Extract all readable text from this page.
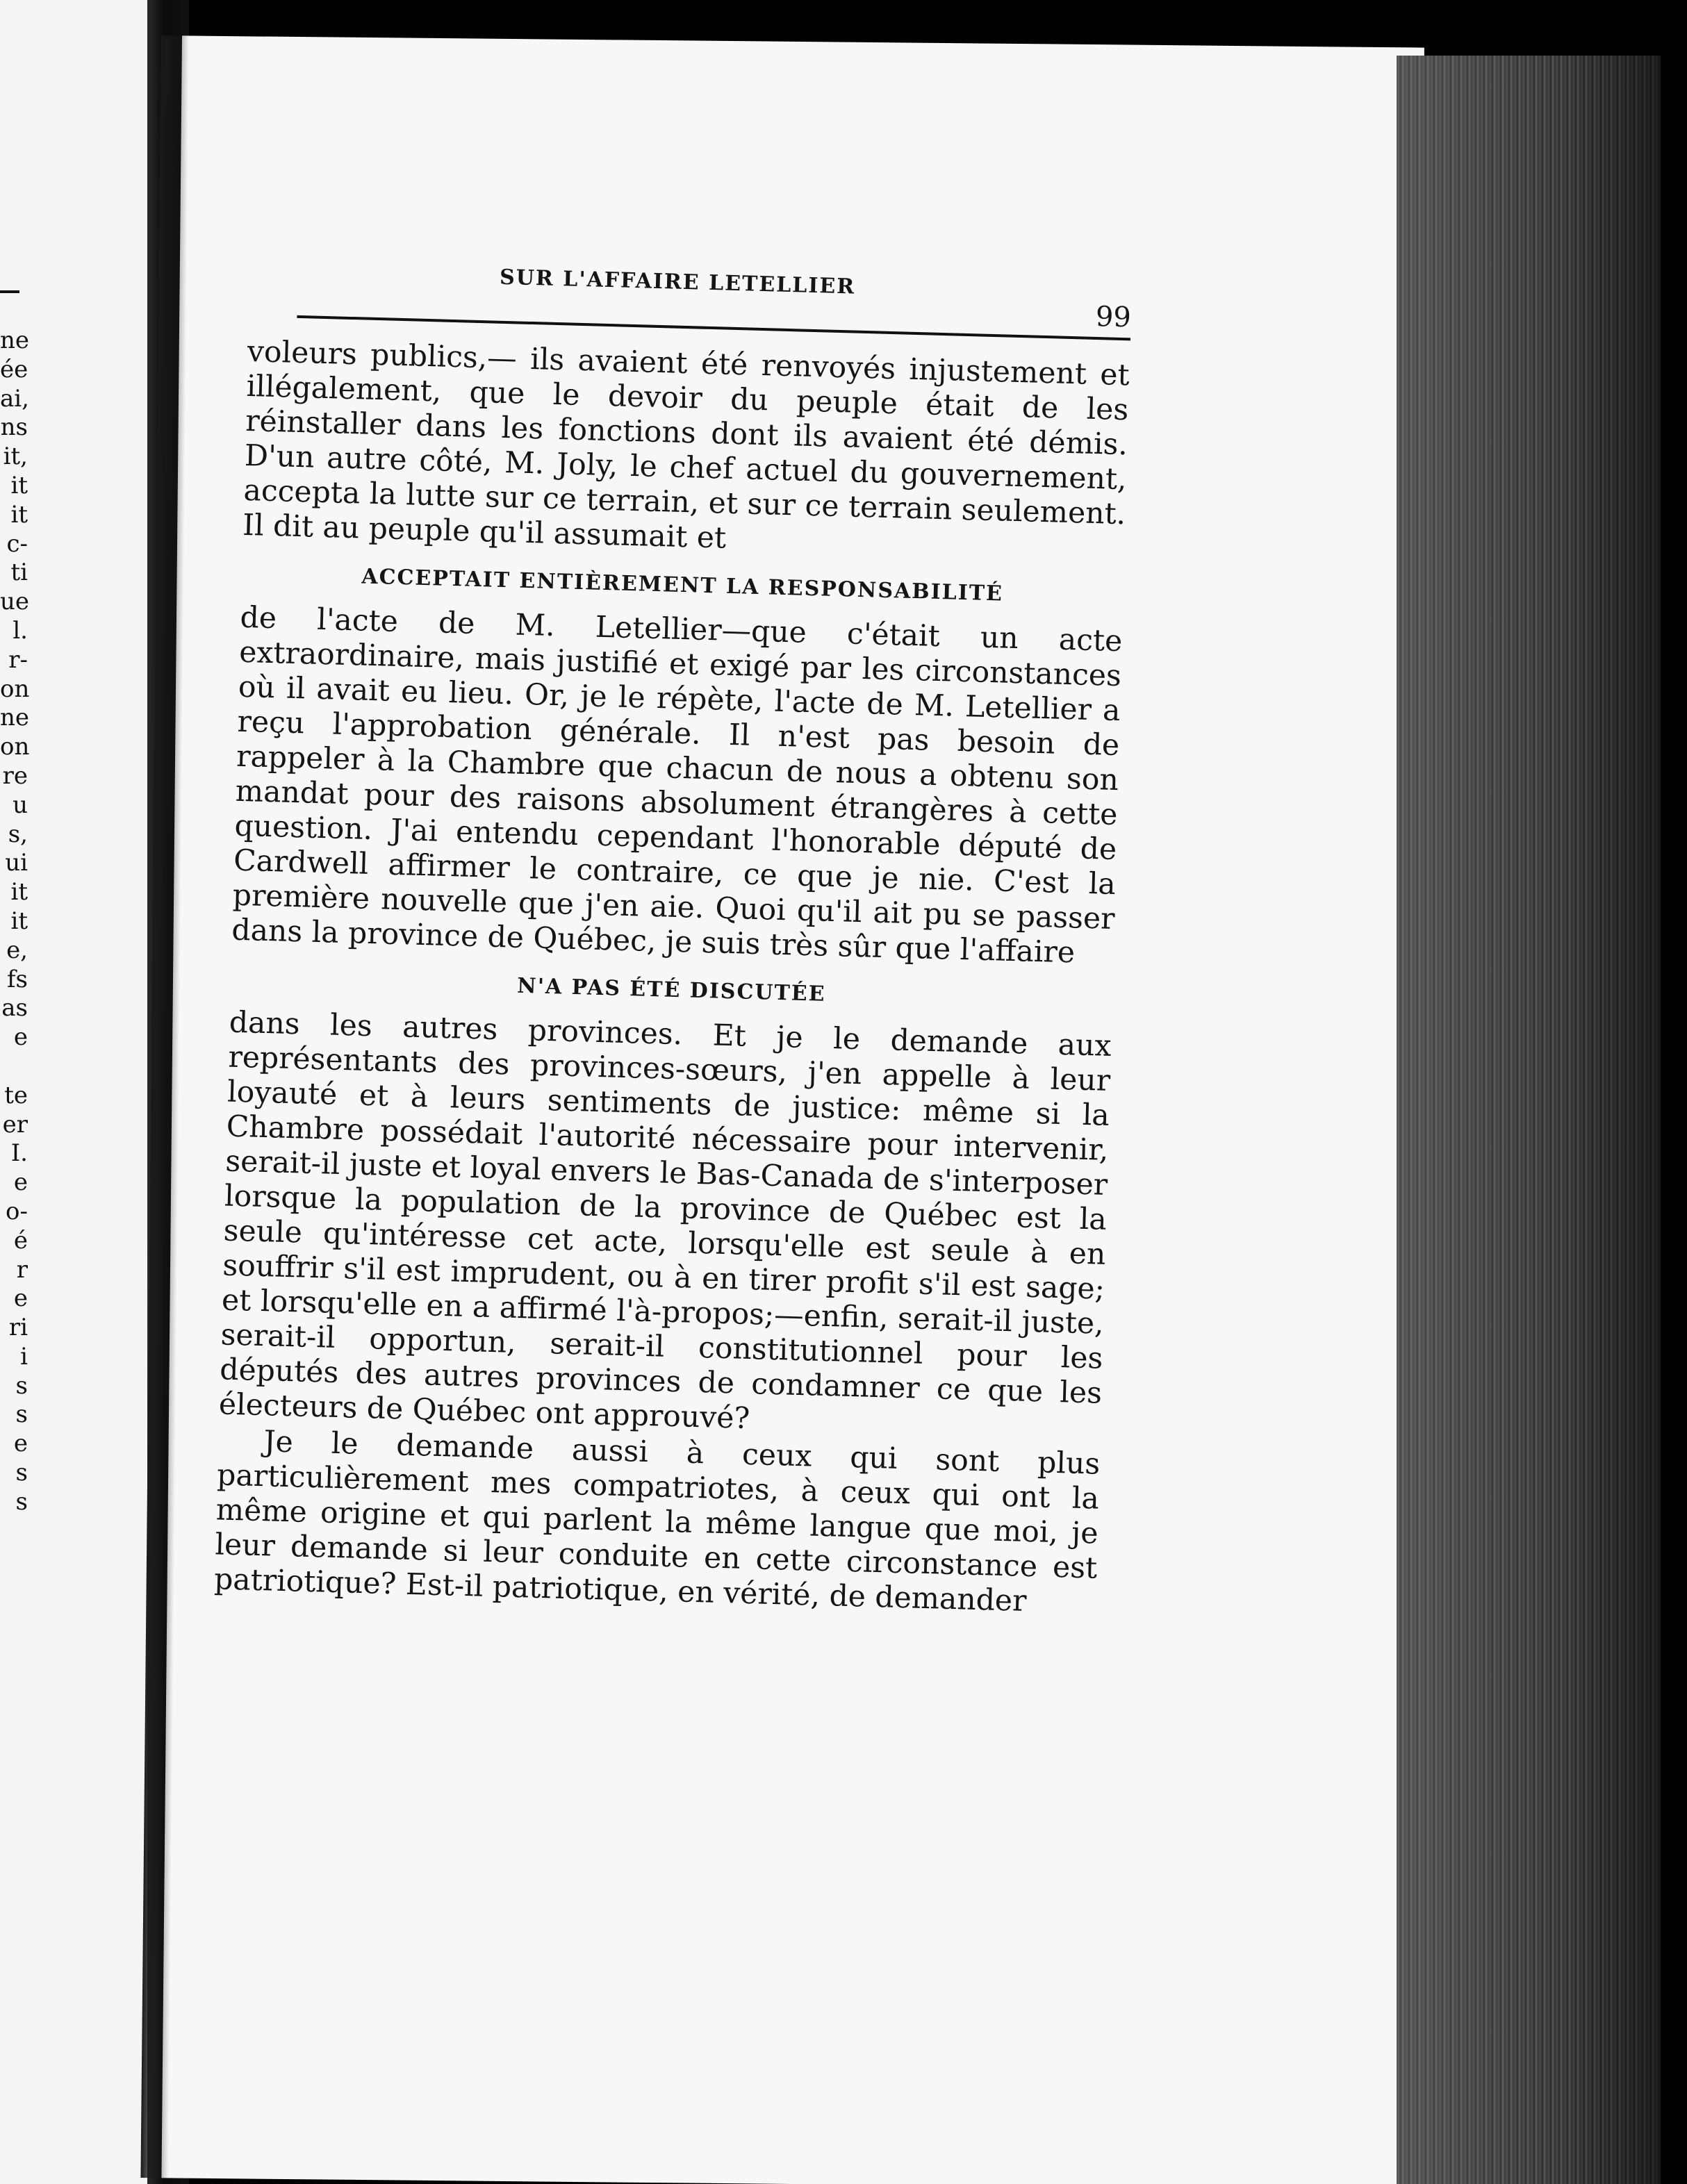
ne
ée
ai,
ns
it,
it
it
c-
ti
ue
l.
r-
on
ne
on
re
u
s,
ui
it
it
e,
fs
as
e

te
er
I.
e
o-
é
r
e
ri
i
s
s
e
s
s
SUR L'AFFAIRE LETELLIER
99

voleurs publics,— ils avaient été renvoyés injustement et illégalement, que le devoir du peuple était de les réinstaller dans les fonctions dont ils avaient été démis. D'un autre côté, M. Joly, le chef actuel du gouvernement, accepta la lutte sur ce terrain, et sur ce terrain seulement. Il dit au peuple qu'il assumait et

ACCEPTAIT ENTIÈREMENT LA RESPONSABILITÉ

de l'acte de M. Letellier—que c'était un acte extraordinaire, mais justifié et exigé par les circonstances où il avait eu lieu. Or, je le répète, l'acte de M. Letellier a reçu l'approbation générale. Il n'est pas besoin de rappeler à la Chambre que chacun de nous a obtenu son mandat pour des raisons absolument étrangères à cette question. J'ai entendu cependant l'honorable député de Cardwell affirmer le contraire, ce que je nie. C'est la première nouvelle que j'en aie. Quoi qu'il ait pu se passer dans la province de Québec, je suis très sûr que l'affaire

N'A PAS ÉTÉ DISCUTÉE

dans les autres provinces. Et je le demande aux représentants des provinces-sœurs, j'en appelle à leur loyauté et à leurs sentiments de justice: même si la Chambre possédait l'autorité nécessaire pour intervenir, serait-il juste et loyal envers le Bas-Canada de s'interposer lorsque la population de la province de Québec est la seule qu'intéresse cet acte, lorsqu'elle est seule à en souffrir s'il est imprudent, ou à en tirer profit s'il est sage; et lorsqu'elle en a affirmé l'à-propos;—enfin, serait-il juste, serait-il opportun, serait-il constitutionnel pour les députés des autres provinces de condamner ce que les électeurs de Québec ont approuvé?

Je le demande aussi à ceux qui sont plus particulièrement mes compatriotes, à ceux qui ont la même origine et qui parlent la même langue que moi, je leur demande si leur conduite en cette circonstance est patriotique? Est-il patriotique, en vérité, de demander
